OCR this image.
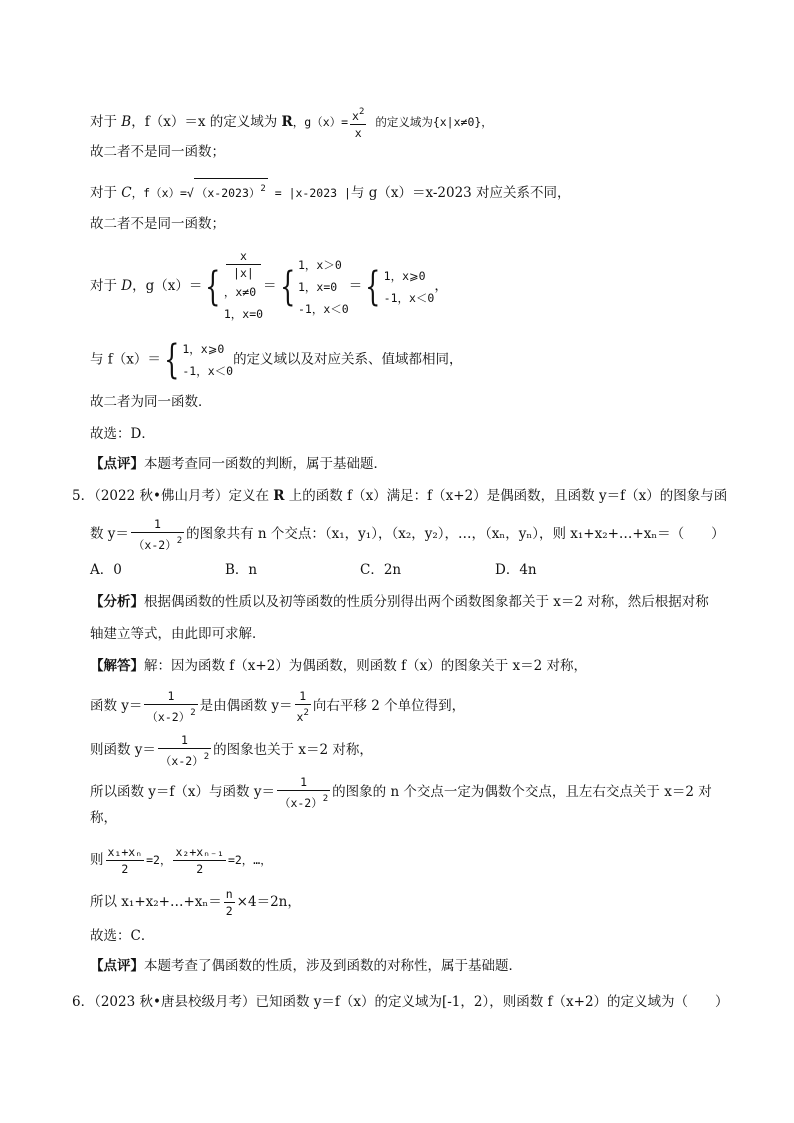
对于 B，f（x）＝x 的定义域为 R，$g(x)= \frac{x^2}{x}$ 的定义域为{x|x≠0}，
故二者不是同一函数；
对于 C，f（x）=√ $(x-2023)^2 = |x-2023$ |与 g（x）＝x-2023 对应关系不同，
故二者不是同一函数；
对于 D，g（x）＝{
x
|x|
，x≠0
1，x=0
＝{ 1，x＞0
1，x=0
-1，x＜0
＝{ 1，x⩾0
-1，x＜0
，
与 f（x）＝{ 1，x⩾0
-1，x＜0
的定义域以及对应关系、值域都相同，
故二者为同一函数．
故选：D．
【点评】本题考查同一函数的判断，属于基础题．
5．（2022 秋•佛山月考）定义在 R 上的函数 f（x）满足：f（x+2）是偶函数，且函数 y＝f（x）的图象与函
数 $y= \frac{1}{(x-2)^2}$ 的图象共有 n 个交点：（x₁，y₁），（x₂，y₂），…，（xₙ，yₙ），则 x₁+x₂+…+xₙ＝（　　）
A．0	B．n	C．2n	D．4n
【分析】根据偶函数的性质以及初等函数的性质分别得出两个函数图象都关于 x＝2 对称，然后根据对称
轴建立等式，由此即可求解．
【解答】解：因为函数 f（x+2）为偶函数，则函数 f（x）的图象关于 x＝2 对称，
函数 $y= \frac{1}{(x-2)^2}$ 是由偶函数 $y= \frac{1}{x^2}$ 向右平移 2 个单位得到，
则函数 $y= \frac{1}{(x-2)^2}$ 的图象也关于 x＝2 对称，
所以函数 y＝f（x）与函数 $y= \frac{1}{(x-2)^2}$ 的图象的 n 个交点一定为偶数个交点，且左右交点关于 x＝2 对
称，
则 $\frac{\text{x₁+xₙ}}{2} =2$， $\frac{\text{x₂+xₙ₋₁}}{2} =2$，…，
所以 x₁+x₂+…+xₙ＝ $\frac{n}{2} \times 4=2n$，
故选：C．
【点评】本题考查了偶函数的性质，涉及到函数的对称性，属于基础题．
6．（2023 秋•唐县校级月考）已知函数 y＝f（x）的定义域为[-1，2），则函数 f（x+2）的定义域为（　　）
